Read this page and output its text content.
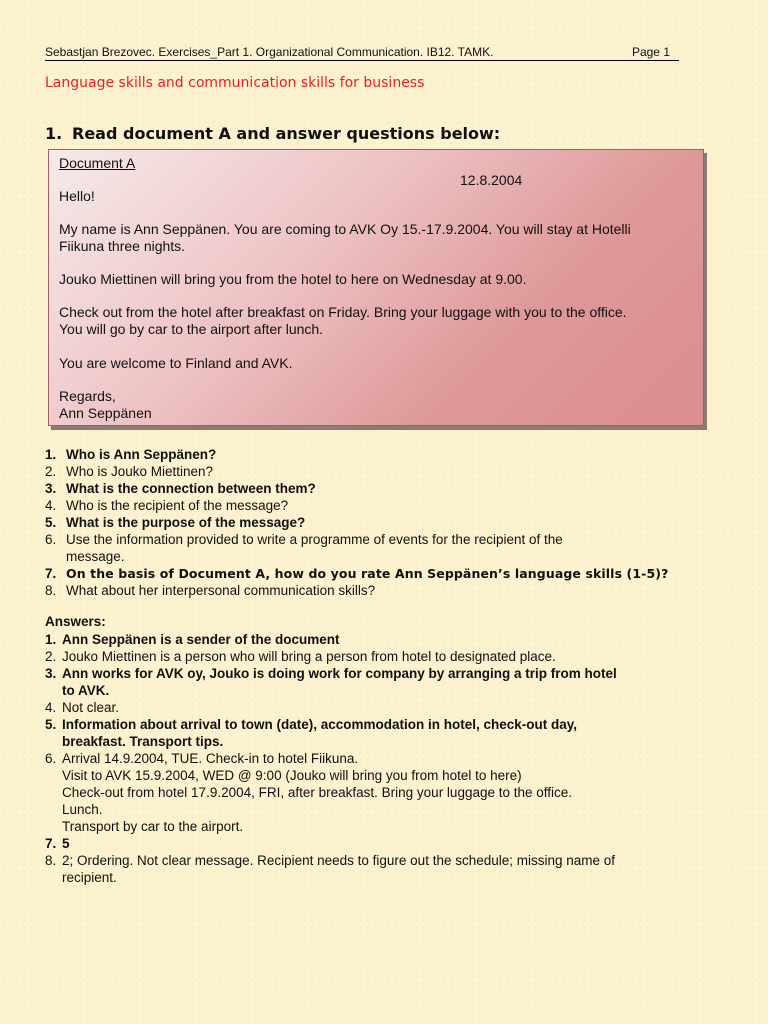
Sebastjan Brezovec. Exercises_Part 1. Organizational Communication. IB12. TAMK.	Page 1
Language skills and communication skills for business
1. Read document A and answer questions below:
Document A
12.8.2004
Hello!
My name is Ann Seppänen. You are coming to AVK Oy 15.-17.9.2004. You will stay at Hotelli
Fiikuna three nights.
Jouko Miettinen will bring you from the hotel to here on Wednesday at 9.00.
Check out from the hotel after breakfast on Friday. Bring your luggage with you to the office.
You will go by car to the airport after lunch.
You are welcome to Finland and AVK.
Regards,
Ann Seppänen
1. Who is Ann Seppänen?
2. Who is Jouko Miettinen?
3. What is the connection between them?
4. Who is the recipient of the message?
5. What is the purpose of the message?
6. Use the information provided to write a programme of events for the recipient of the
message.
7. On the basis of Document A, how do you rate Ann Seppänen’s language skills (1-5)?
8. What about her interpersonal communication skills?
Answers:
1. Ann Seppänen is a sender of the document
2. Jouko Miettinen is a person who will bring a person from hotel to designated place.
3. Ann works for AVK oy, Jouko is doing work for company by arranging a trip from hotel
to AVK.
4. Not clear.
5. Information about arrival to town (date), accommodation in hotel, check-out day,
breakfast. Transport tips.
6. Arrival 14.9.2004, TUE. Check-in to hotel Fiikuna.
Visit to AVK 15.9.2004, WED @ 9:00 (Jouko will bring you from hotel to here)
Check-out from hotel 17.9.2004, FRI, after breakfast. Bring your luggage to the office.
Lunch.
Transport by car to the airport.
7. 5
8. 2; Ordering. Not clear message. Recipient needs to figure out the schedule; missing name of
recipient.
